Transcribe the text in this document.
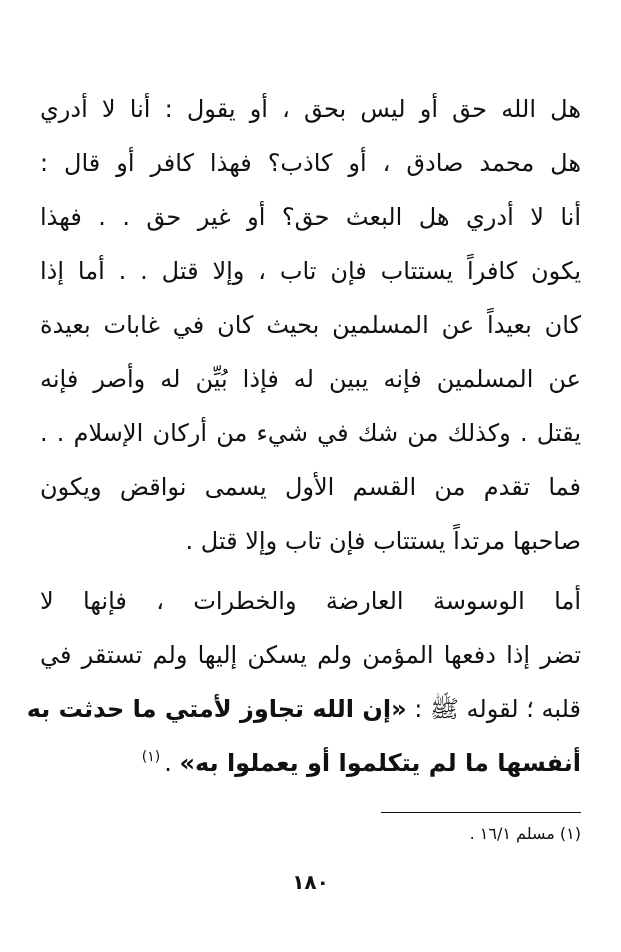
هل الله حق أو ليس بحق ، أو يقول : أنا لا أدري
هل محمد صادق ، أو كاذب؟ فهذا كافر أو قال :
أنا لا أدري هل البعث حق؟ أو غير حق . . فهذا
يكون كافراً يستتاب فإن تاب ، وإلا قتل . . أما إذا
كان بعيداً عن المسلمين بحيث كان في غابات بعيدة
عن المسلمين فإنه يبين له فإذا بُيِّن له وأصر فإنه
يقتل . وكذلك من شك في شيء من أركان الإسلام . .
فما تقدم من القسم الأول يسمى نواقض ويكون
صاحبها مرتداً يستتاب فإن تاب وإلا قتل .
أما الوسوسة العارضة والخطرات ، فإنها لا
تضر إذا دفعها المؤمن ولم يسكن إليها ولم تستقر في
قلبه ؛ لقوله ﷺ : «إن الله تجاوز لأمتي ما حدثت به
أنفسها ما لم يتكلموا أو يعملوا به» .$^{(١)}$
(١) مسلم ١٦/١ .
١٨٠
